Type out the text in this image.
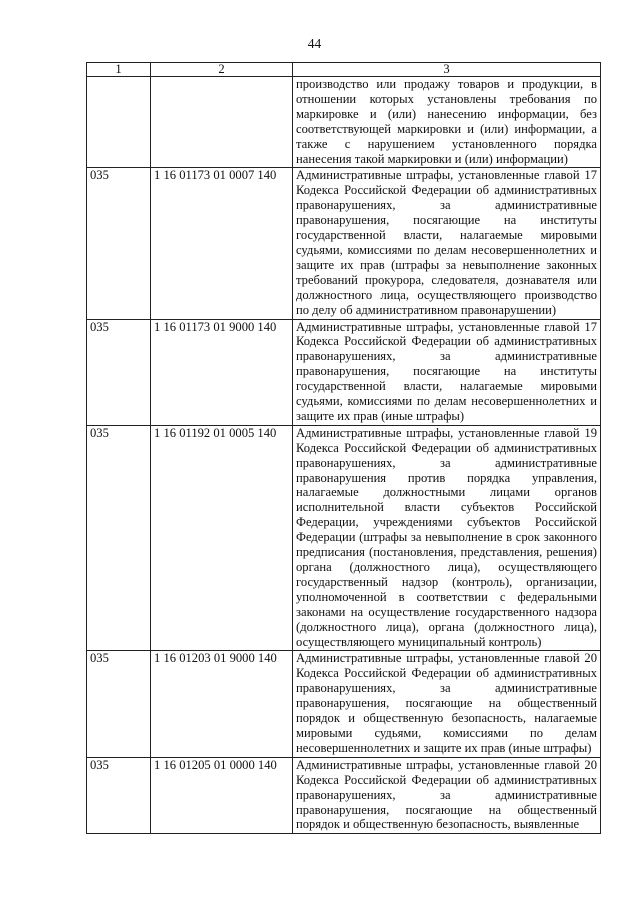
44
1	2	3
		производство или продажу товаров и продукции, в отношении которых установлены требования по маркировке и (или) нанесению информации, без соответствующей маркировки и (или) информации, а также с нарушением установленного порядка нанесения такой маркировки и (или) информации)
035	1 16 01173 01 0007 140	Административные штрафы, установленные главой 17 Кодекса Российской Федерации об административных правонарушениях, за административные правонарушения, посягающие на институты государственной власти, налагаемые мировыми судьями, комиссиями по делам несовершеннолетних и защите их прав (штрафы за невыполнение законных требований прокурора, следователя, дознавателя или должностного лица, осуществляющего производство по делу об административном правонарушении)
035	1 16 01173 01 9000 140	Административные штрафы, установленные главой 17 Кодекса Российской Федерации об административных правонарушениях, за административные правонарушения, посягающие на институты государственной власти, налагаемые мировыми судьями, комиссиями по делам несовершеннолетних и защите их прав (иные штрафы)
035	1 16 01192 01 0005 140	Административные штрафы, установленные главой 19 Кодекса Российской Федерации об административных правонарушениях, за административные правонарушения против порядка управления, налагаемые должностными лицами органов исполнительной власти субъектов Российской Федерации, учреждениями субъектов Российской Федерации (штрафы за невыполнение в срок законного предписания (постановления, представления, решения) органа (должностного лица), осуществляющего государственный надзор (контроль), организации, уполномоченной в соответствии с федеральными законами на осуществление государственного надзора (должностного лица), органа (должностного лица), осуществляющего муниципальный контроль)
035	1 16 01203 01 9000 140	Административные штрафы, установленные главой 20 Кодекса Российской Федерации об административных правонарушениях, за административные правонарушения, посягающие на общественный порядок и общественную безопасность, налагаемые мировыми судьями, комиссиями по делам несовершеннолетних и защите их прав (иные штрафы)
035	1 16 01205 01 0000 140	Административные штрафы, установленные главой 20 Кодекса Российской Федерации об административных правонарушениях, за административные правонарушения, посягающие на общественный порядок и общественную безопасность, выявленные
